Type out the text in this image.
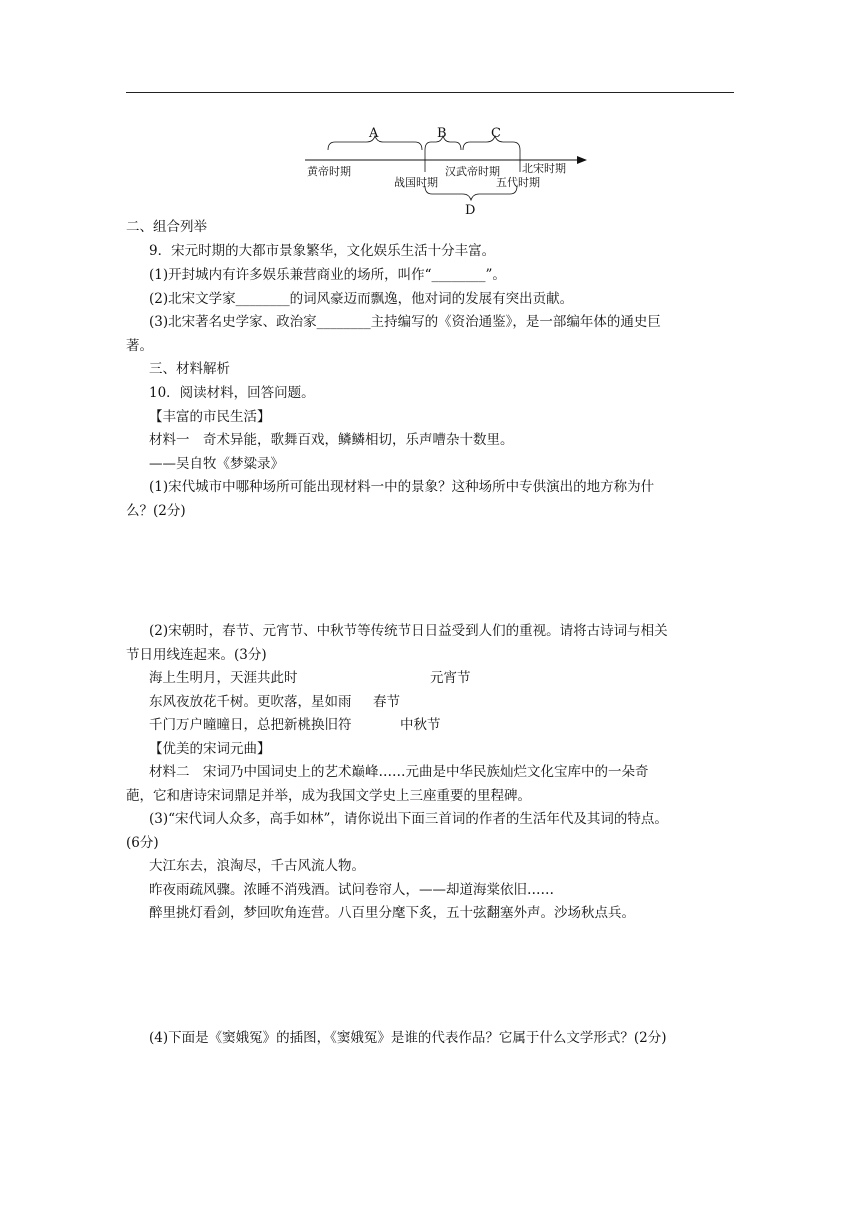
A	B	C
D
黄帝时期	汉武帝时期 北宋时期
战国时期	五代时期
二、组合列举
9．宋元时期的大都市景象繁华，文化娱乐生活十分丰富。
(1)开封城内有许多娱乐兼营商业的场所，叫作“________”。
(2)北宋文学家________的词风豪迈而飘逸，他对词的发展有突出贡献。
(3)北宋著名史学家、政治家________主持编写的《资治通鉴》，是一部编年体的通史巨
著。
三、材料解析
10．阅读材料，回答问题。
【丰富的市民生活】
材料一　奇术异能，歌舞百戏，鳞鳞相切，乐声嘈杂十数里。
——吴自牧《梦粱录》
(1)宋代城市中哪种场所可能出现材料一中的景象？这种场所中专供演出的地方称为什
么？(2分)
(2)宋朝时，春节、元宵节、中秋节等传统节日日益受到人们的重视。请将古诗词与相关
节日用线连起来。(3分)
海上生明月，天涯共此时	元宵节
东风夜放花千树。更吹落，星如雨 春节
千门万户曈曈日，总把新桃换旧符	中秋节
【优美的宋词元曲】
材料二　宋词乃中国词史上的艺术巅峰……元曲是中华民族灿烂文化宝库中的一朵奇
葩，它和唐诗宋词鼎足并举，成为我国文学史上三座重要的里程碑。
(3)“宋代词人众多，高手如林”，请你说出下面三首词的作者的生活年代及其词的特点。
(6分)
大江东去，浪淘尽，千古风流人物。
昨夜雨疏风骤。浓睡不消残酒。试问卷帘人，——却道海棠依旧……
醉里挑灯看剑，梦回吹角连营。八百里分麾下炙，五十弦翻塞外声。沙场秋点兵。
(4)下面是《窦娥冤》的插图，《窦娥冤》是谁的代表作品？它属于什么文学形式？(2分)
